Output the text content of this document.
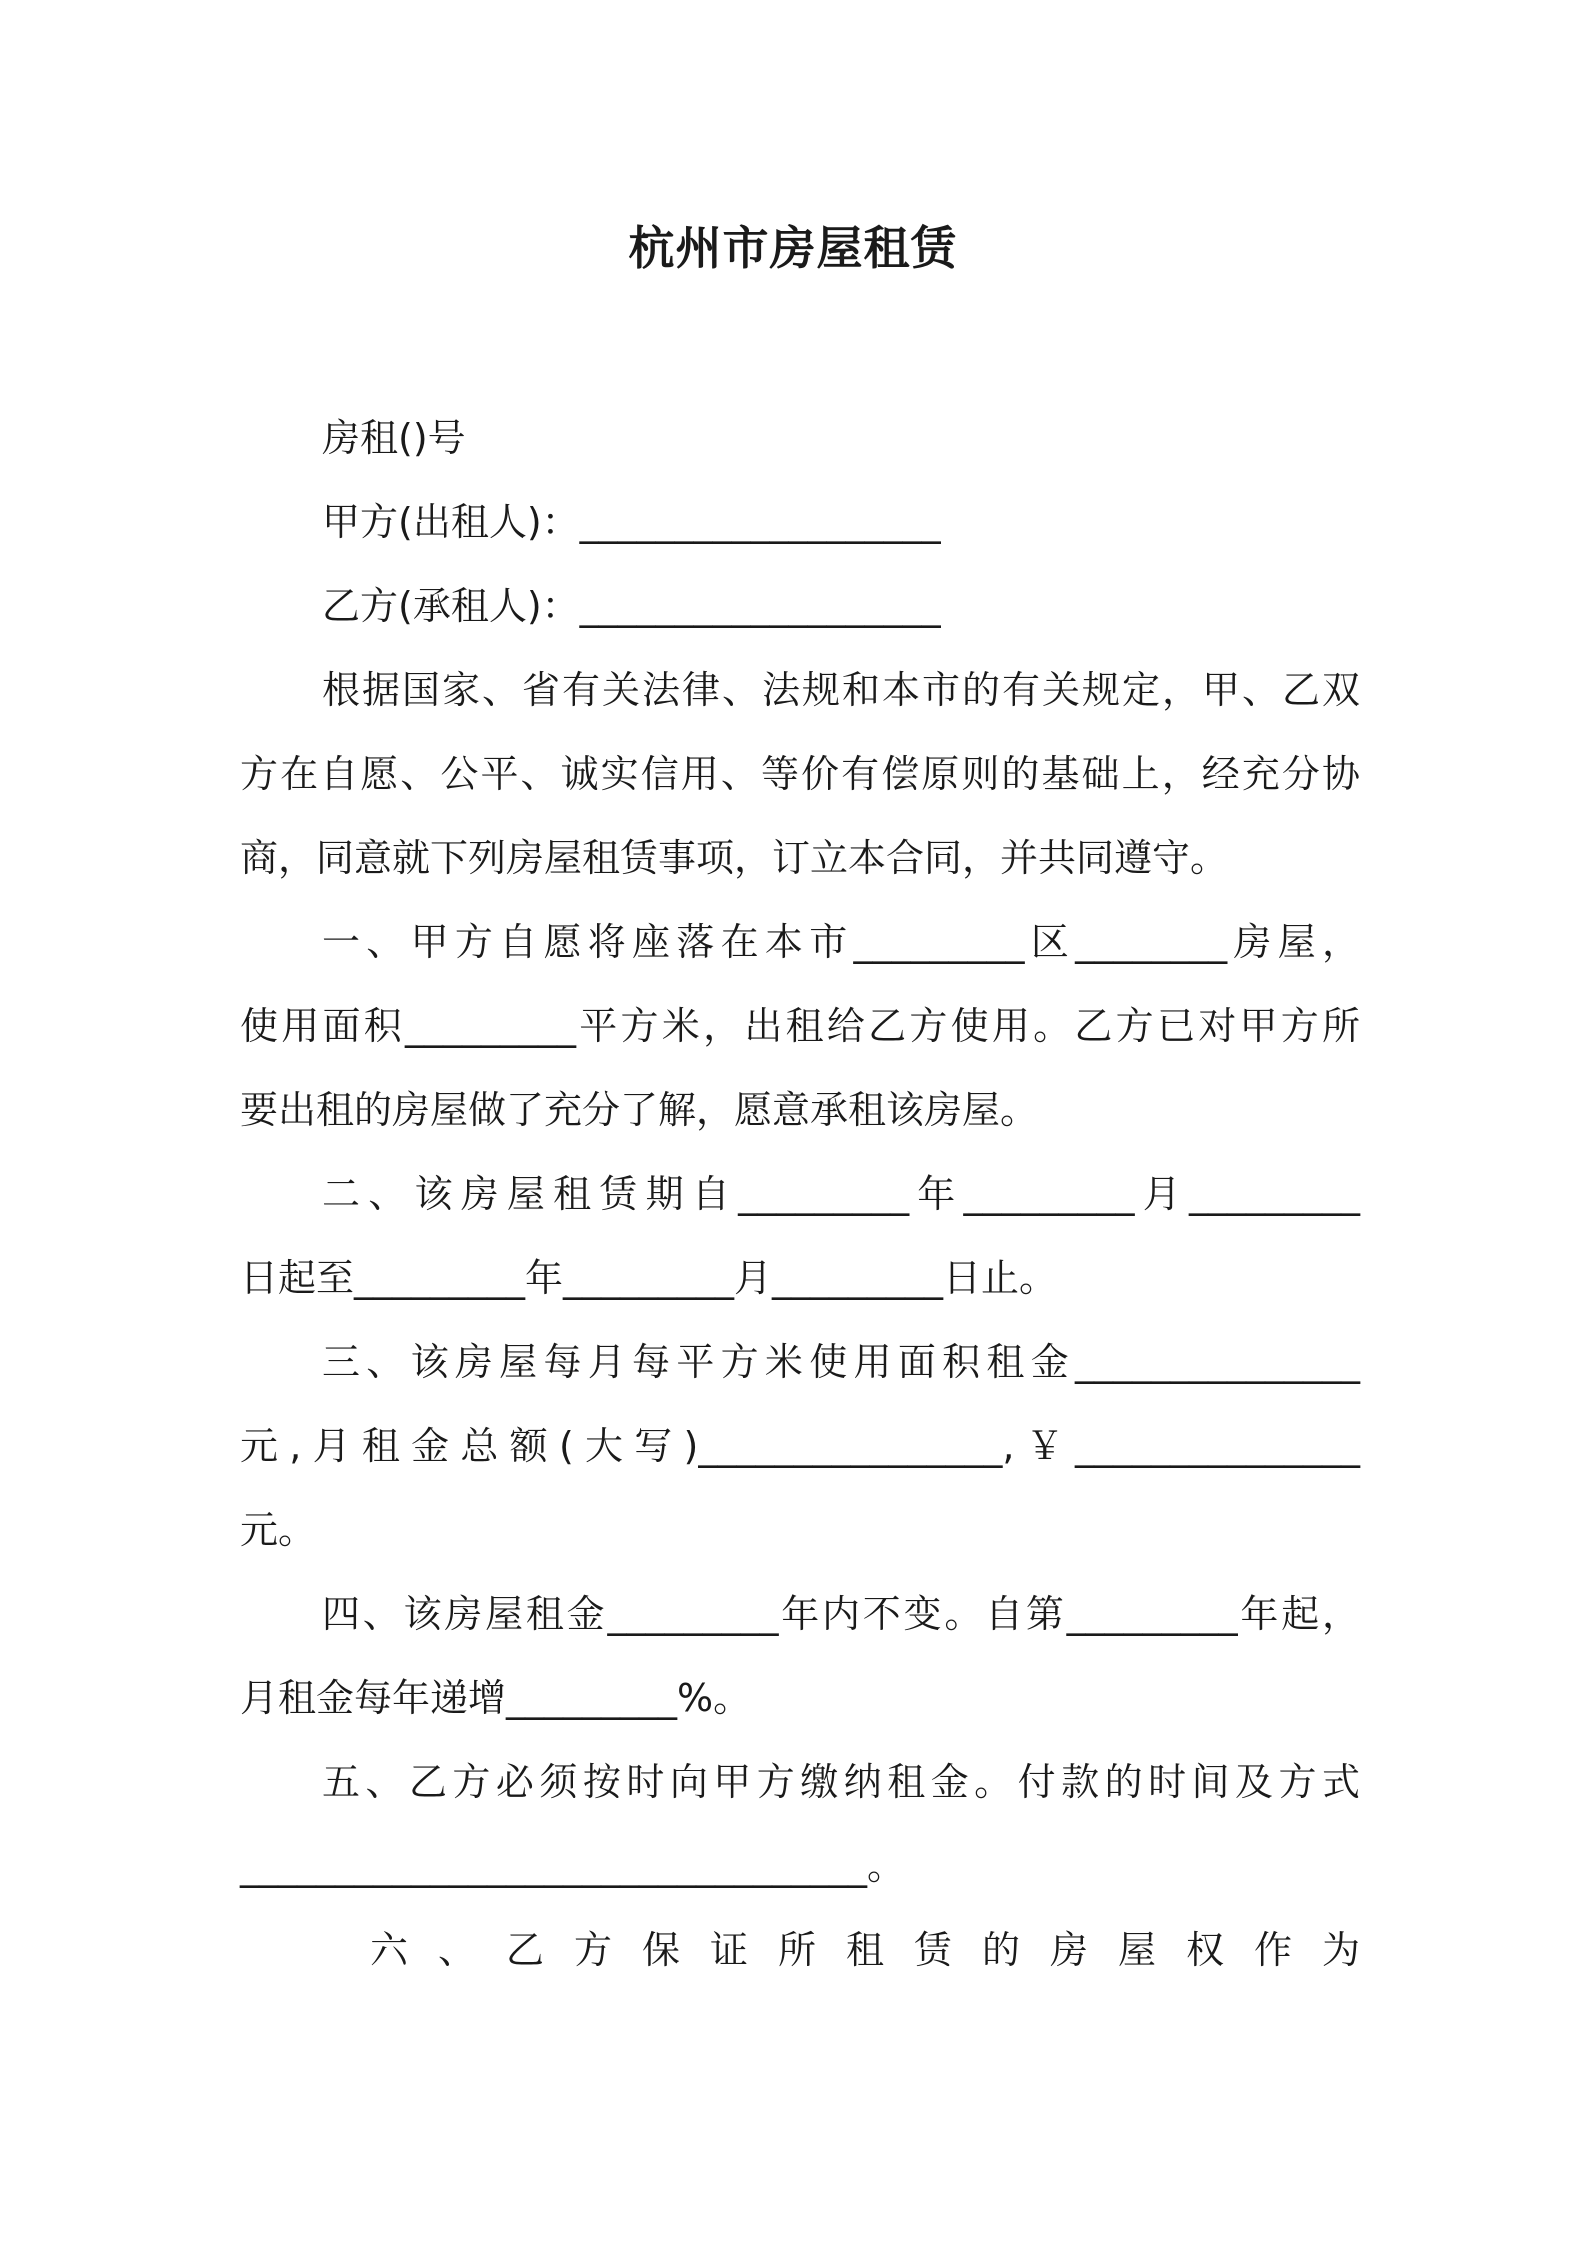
杭州市房屋租赁

房租()号

甲方(出租人)：___________________

乙方(承租人)：___________________

根据国家、省有关法律、法规和本市的有关规定，甲、乙双

方在自愿、公平、诚实信用、等价有偿原则的基础上，经充分协

商，同意就下列房屋租赁事项，订立本合同，并共同遵守。

一、甲方自愿将座落在本市_________区________房屋，

使用面积_________平方米，出租给乙方使用。乙方已对甲方所

要出租的房屋做了充分了解，愿意承租该房屋。

二、该房屋租赁期自_________年_________月_________

日起至_________年_________月_________日止。

三、该房屋每月每平方米使用面积租金_______________

元,月租金总额(大写)________________,￥_______________

元。

四、该房屋租金_________年内不变。自第_________年起，

月租金每年递增_________%。

五、乙方必须按时向甲方缴纳租金。付款的时间及方式

_________________________________。

六 、 乙 方 保 证 所 租 赁 的 房 屋 权 作 为
